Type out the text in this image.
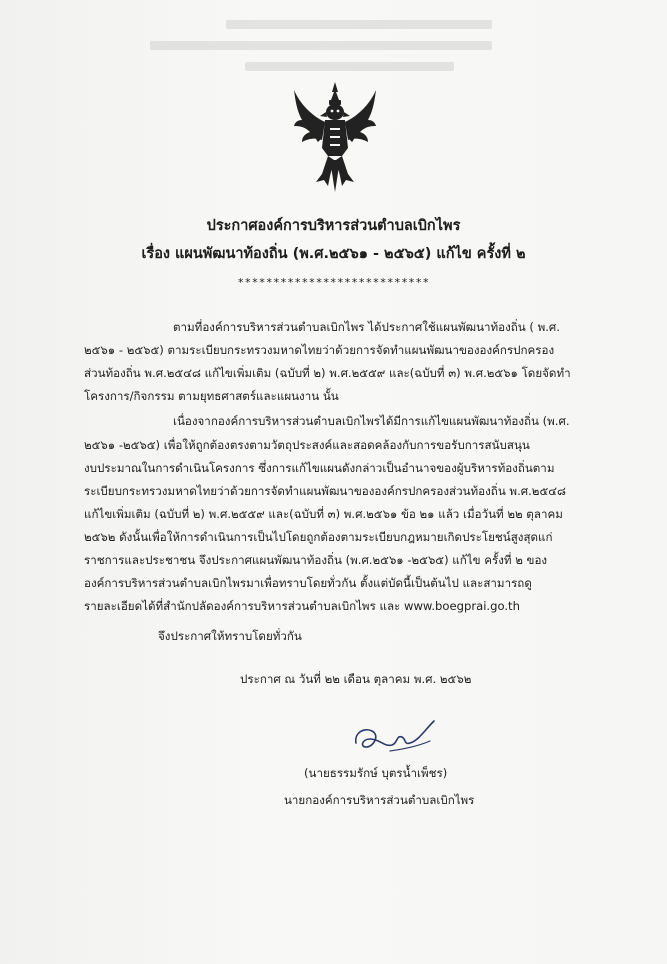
ประกาศองค์การบริหารส่วนตำบลเบิกไพร
เรื่อง แผนพัฒนาท้องถิ่น (พ.ศ.๒๕๖๑ - ๒๕๖๕) แก้ไข ครั้งที่ ๒
***************************
ตามที่องค์การบริหารส่วนตำบลเบิกไพร ได้ประกาศใช้แผนพัฒนาท้องถิ่น ( พ.ศ.
๒๕๖๑ - ๒๕๖๕) ตามระเบียบกระทรวงมหาดไทยว่าด้วยการจัดทำแผนพัฒนาขององค์กรปกครอง
ส่วนท้องถิ่น พ.ศ.๒๕๔๘ แก้ไขเพิ่มเติม (ฉบับที่ ๒) พ.ศ.๒๕๕๙ และ(ฉบับที่ ๓) พ.ศ.๒๕๖๑ โดยจัดทำ
โครงการ/กิจกรรม ตามยุทธศาสตร์และแผนงาน นั้น
เนื่องจากองค์การบริหารส่วนตำบลเบิกไพรได้มีการแก้ไขแผนพัฒนาท้องถิ่น (พ.ศ.
๒๕๖๑ -๒๕๖๕) เพื่อให้ถูกต้องตรงตามวัตถุประสงค์และสอดคล้องกับการขอรับการสนับสนุน
งบประมาณในการดำเนินโครงการ ซึ่งการแก้ไขแผนดังกล่าวเป็นอำนาจของผู้บริหารท้องถิ่นตาม
ระเบียบกระทรวงมหาดไทยว่าด้วยการจัดทำแผนพัฒนาขององค์กรปกครองส่วนท้องถิ่น พ.ศ.๒๕๔๘
แก้ไขเพิ่มเติม (ฉบับที่ ๒) พ.ศ.๒๕๕๙ และ(ฉบับที่ ๓) พ.ศ.๒๕๖๑ ข้อ ๒๑ แล้ว เมื่อวันที่ ๒๒ ตุลาคม
๒๕๖๒ ดังนั้นเพื่อให้การดำเนินการเป็นไปโดยถูกต้องตามระเบียบกฎหมายเกิดประโยชน์สูงสุดแก่
ราชการและประชาชน จึงประกาศแผนพัฒนาท้องถิ่น (พ.ศ.๒๕๖๑ -๒๕๖๕) แก้ไข ครั้งที่ ๒ ของ
องค์การบริหารส่วนตำบลเบิกไพรมาเพื่อทราบโดยทั่วกัน ตั้งแต่บัดนี้เป็นต้นไป และสามารถดู
รายละเอียดได้ที่สำนักปลัดองค์การบริหารส่วนตำบลเบิกไพร และ www.boegprai.go.th
จึงประกาศให้ทราบโดยทั่วกัน
ประกาศ ณ วันที่ ๒๒ เดือน ตุลาคม พ.ศ. ๒๕๖๒
(นายธรรมรักษ์ บุตรน้ำเพ็ชร)
นายกองค์การบริหารส่วนตำบลเบิกไพร
